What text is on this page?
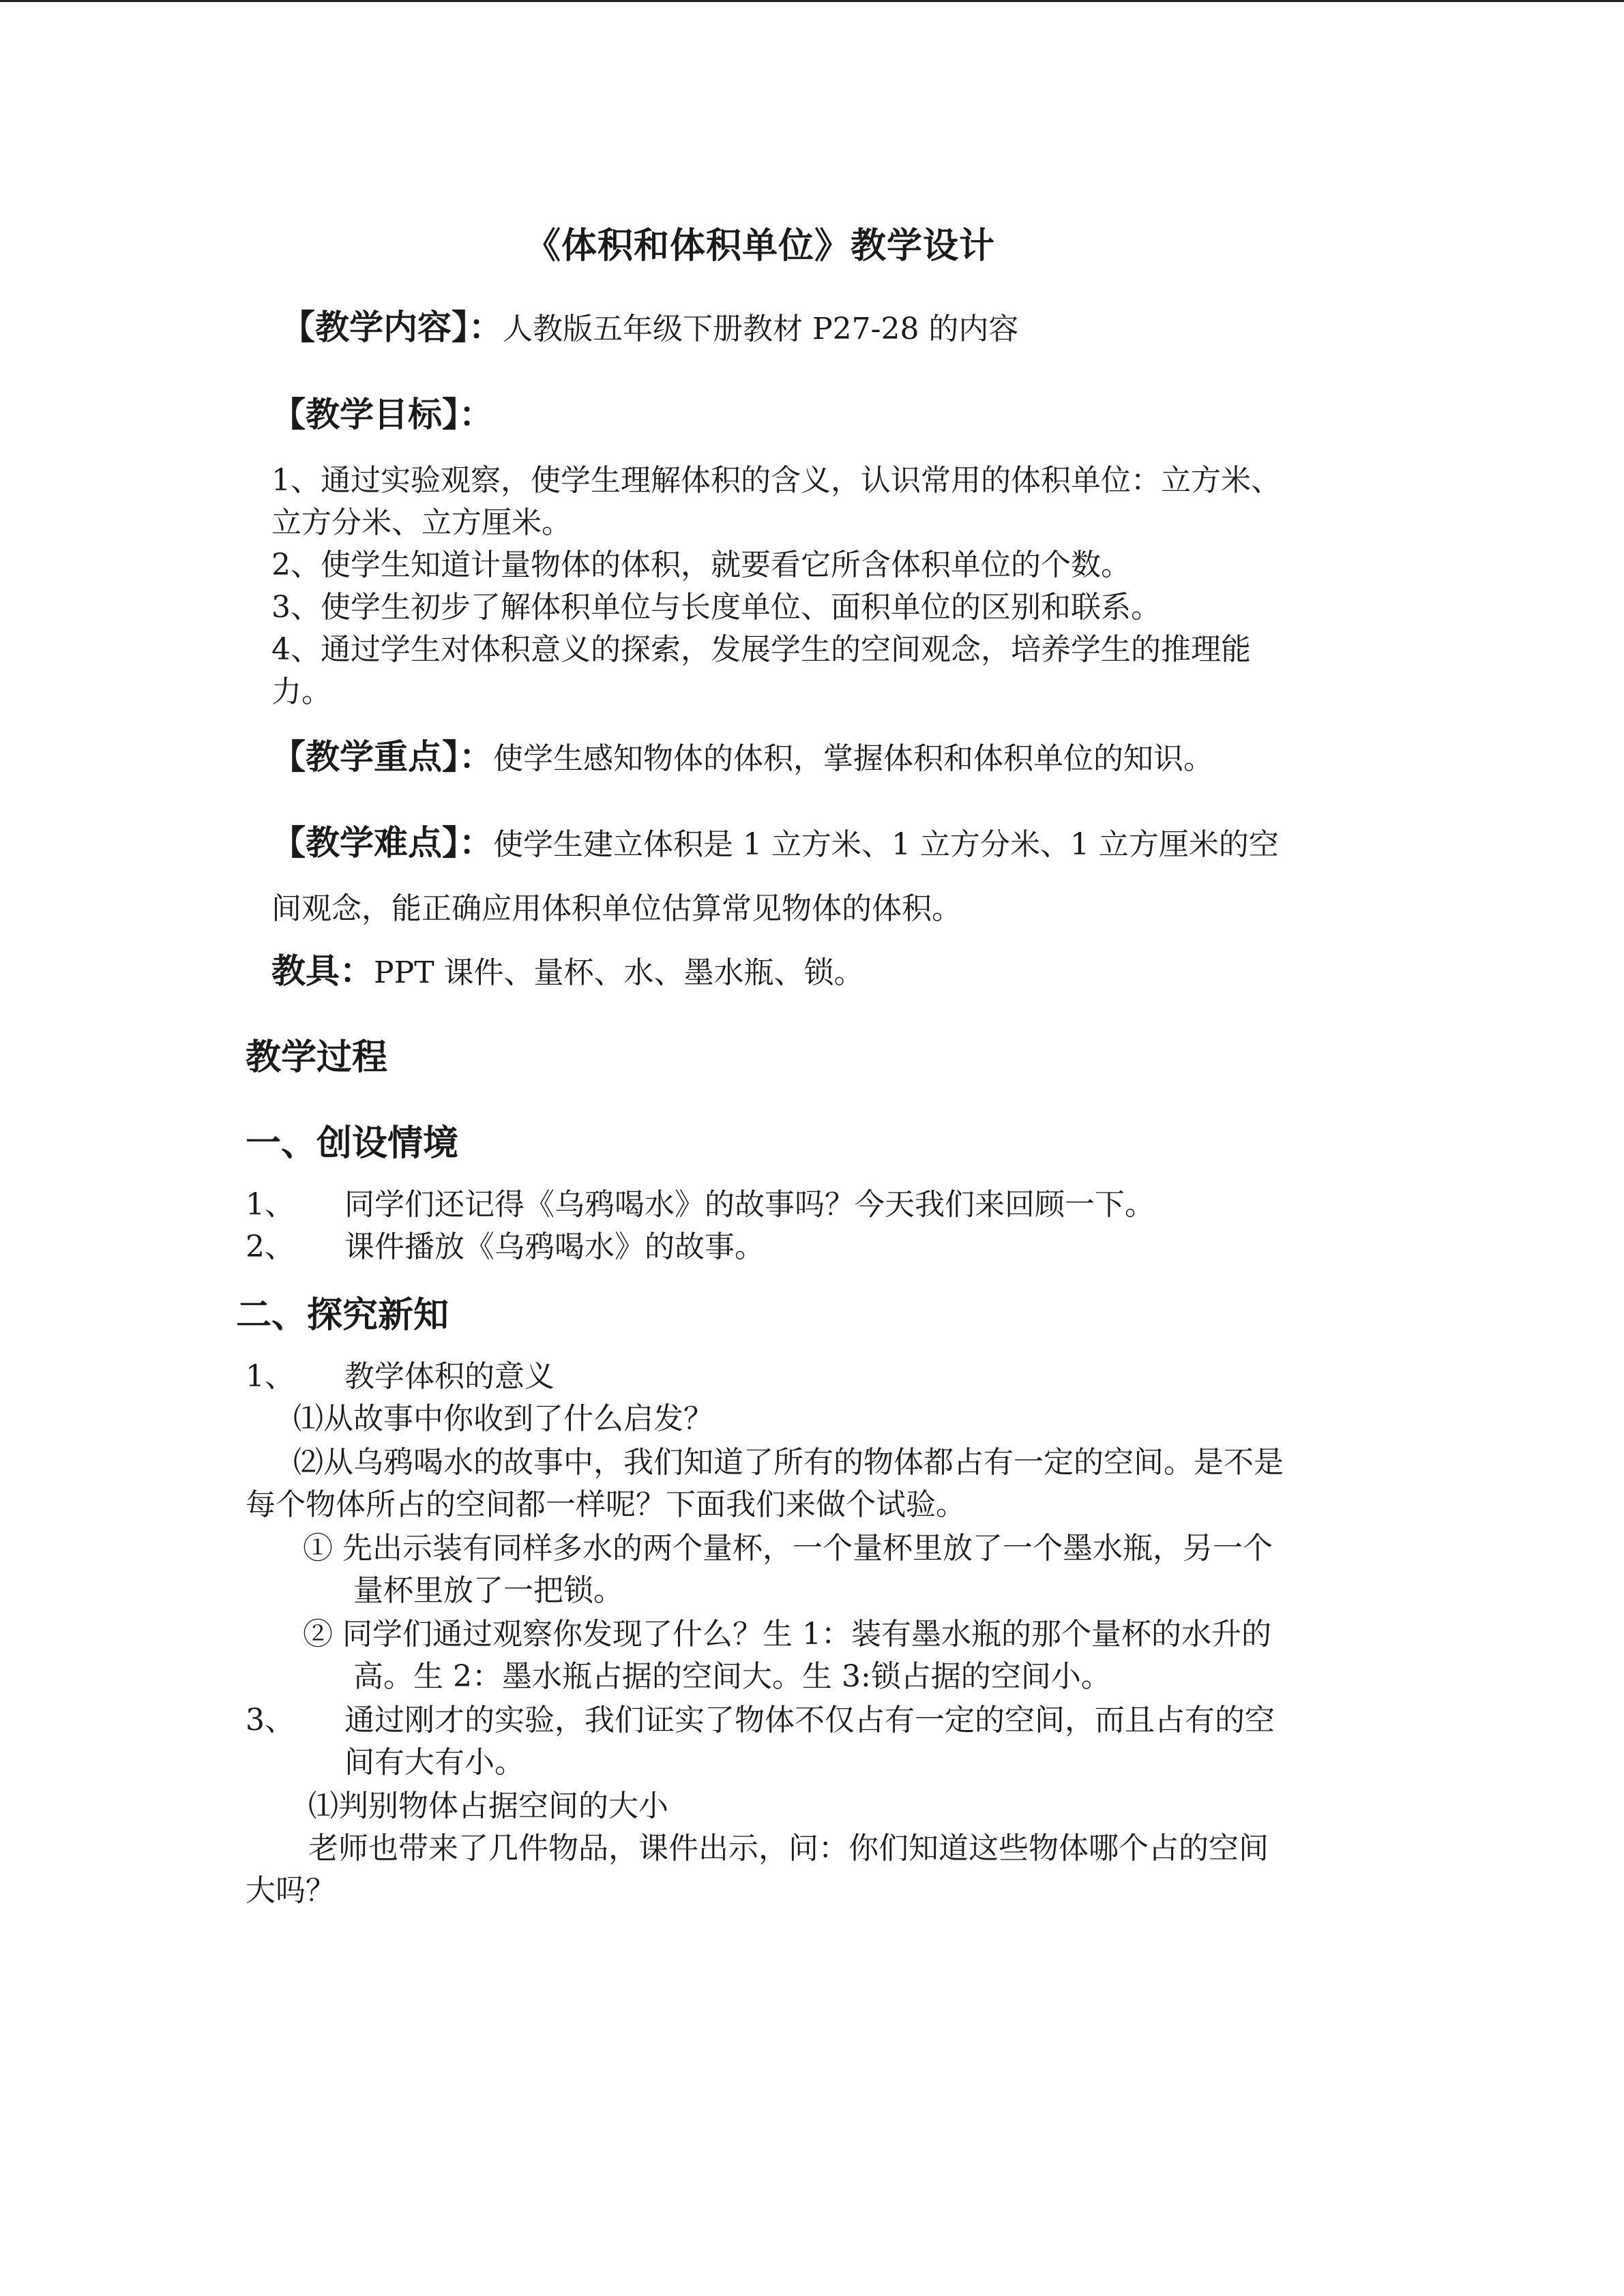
《体积和体积单位》教学设计
【教学内容】：人教版五年级下册教材 P27-28 的内容
【教学目标】：
1、通过实验观察，使学生理解体积的含义，认识常用的体积单位：立方米、
立方分米、立方厘米。
2、使学生知道计量物体的体积，就要看它所含体积单位的个数。
3、使学生初步了解体积单位与长度单位、面积单位的区别和联系。
4、通过学生对体积意义的探索，发展学生的空间观念，培养学生的推理能
力。
【教学重点】：使学生感知物体的体积，掌握体积和体积单位的知识。
【教学难点】：使学生建立体积是 1 立方米、1 立方分米、1 立方厘米的空
间观念，能正确应用体积单位估算常见物体的体积。
教具：PPT 课件、量杯、水、墨水瓶、锁。
教学过程
一、创设情境
1、 同学们还记得《乌鸦喝水》的故事吗？今天我们来回顾一下。
2、 课件播放《乌鸦喝水》的故事。
二、探究新知
1、 教学体积的意义
⑴从故事中你收到了什么启发？
⑵从乌鸦喝水的故事中，我们知道了所有的物体都占有一定的空间。是不是
每个物体所占的空间都一样呢？下面我们来做个试验。
① 先出示装有同样多水的两个量杯，一个量杯里放了一个墨水瓶，另一个
量杯里放了一把锁。
② 同学们通过观察你发现了什么？生 1：装有墨水瓶的那个量杯的水升的
高。生 2：墨水瓶占据的空间大。生 3:锁占据的空间小。
3、 通过刚才的实验，我们证实了物体不仅占有一定的空间，而且占有的空
间有大有小。
⑴判别物体占据空间的大小
老师也带来了几件物品，课件出示，问：你们知道这些物体哪个占的空间
大吗？
